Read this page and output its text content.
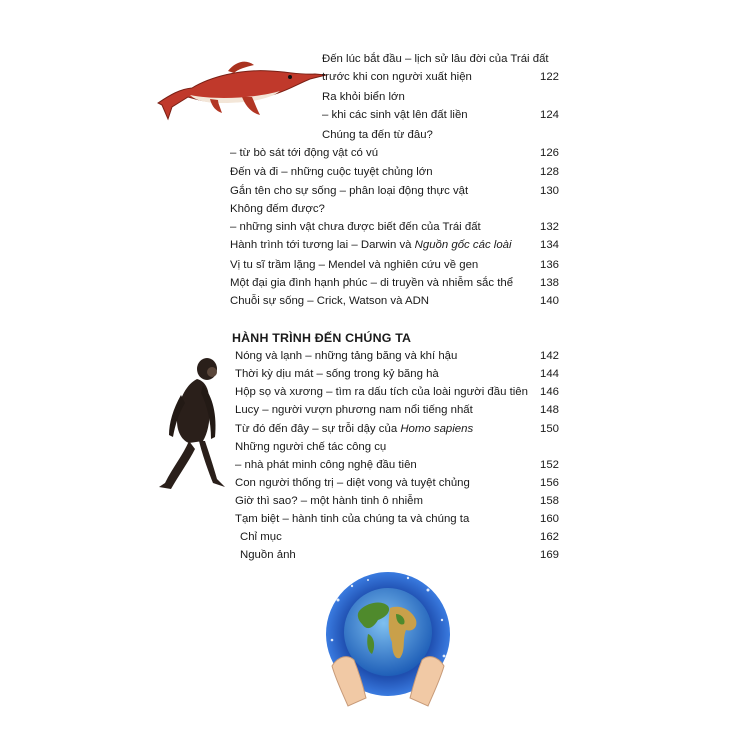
Đến lúc bắt đầu – lịch sử lâu đời của Trái đất
trước khi con người xuất hiện	122
Ra khỏi biển lớn
– khi các sinh vật lên đất liền	124
Chúng ta đến từ đâu?
– từ bò sát tới động vật có vú	126
Đến và đi – những cuộc tuyệt chủng lớn	128
Gắn tên cho sự sống – phân loại động thực vật	130
Không đếm được?
– những sinh vật chưa được biết đến của Trái đất	132
Hành trình tới tương lai – Darwin và Nguồn gốc các loài	134
Vị tu sĩ trầm lặng – Mendel và nghiên cứu về gen	136
Một đại gia đình hạnh phúc – di truyền và nhiễm sắc thể	138
Chuỗi sự sống – Crick, Watson và ADN	140
HÀNH TRÌNH ĐẾN CHÚNG TA
Nóng và lạnh – những tảng băng và khí hậu	142
Thời kỳ dịu mát – sống trong kỷ băng hà	144
Hộp sọ và xương – tìm ra dấu tích của loài người đầu tiên	146
Lucy – người vượn phương nam nổi tiếng nhất	148
Từ đó đến đây – sự trỗi dậy của Homo sapiens	150
Những người chế tác công cụ
– nhà phát minh công nghệ đầu tiên	152
Con người thống trị – diệt vong và tuyệt chủng	156
Giờ thì sao? – một hành tinh ô nhiễm	158
Tạm biệt – hành tinh của chúng ta và chúng ta	160
Chỉ mục	162
Nguồn ảnh	169
